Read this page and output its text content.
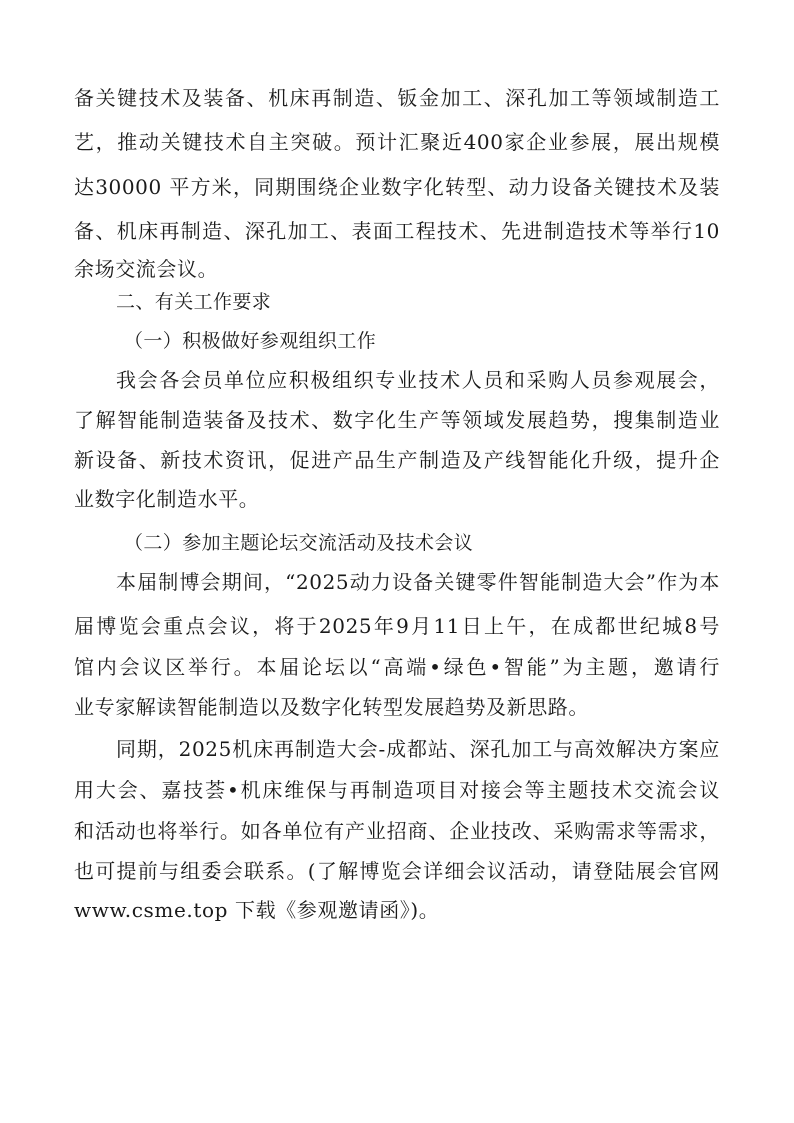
备关键技术及装备、机床再制造、钣金加工、深孔加工等领域制造工
艺，推动关键技术自主突破。预计汇聚近400家企业参展，展出规模
达30000 平方米，同期围绕企业数字化转型、动力设备关键技术及装
备、机床再制造、深孔加工、表面工程技术、先进制造技术等举行10
余场交流会议。
二、有关工作要求
（一）积极做好参观组织工作
我会各会员单位应积极组织专业技术人员和采购人员参观展会，
了解智能制造装备及技术、数字化生产等领域发展趋势，搜集制造业
新设备、新技术资讯，促进产品生产制造及产线智能化升级，提升企
业数字化制造水平。
（二）参加主题论坛交流活动及技术会议
本届制博会期间，“2025动力设备关键零件智能制造大会”作为本
届博览会重点会议，将于2025年9月11日上午，在成都世纪城8号
馆内会议区举行。本届论坛以“高端•绿色•智能”为主题，邀请行
业专家解读智能制造以及数字化转型发展趋势及新思路。
同期，2025机床再制造大会-成都站、深孔加工与高效解决方案应
用大会、嘉技荟•机床维保与再制造项目对接会等主题技术交流会议
和活动也将举行。如各单位有产业招商、企业技改、采购需求等需求，
也可提前与组委会联系。(了解博览会详细会议活动，请登陆展会官网
www.csme.top 下载《参观邀请函》)。
